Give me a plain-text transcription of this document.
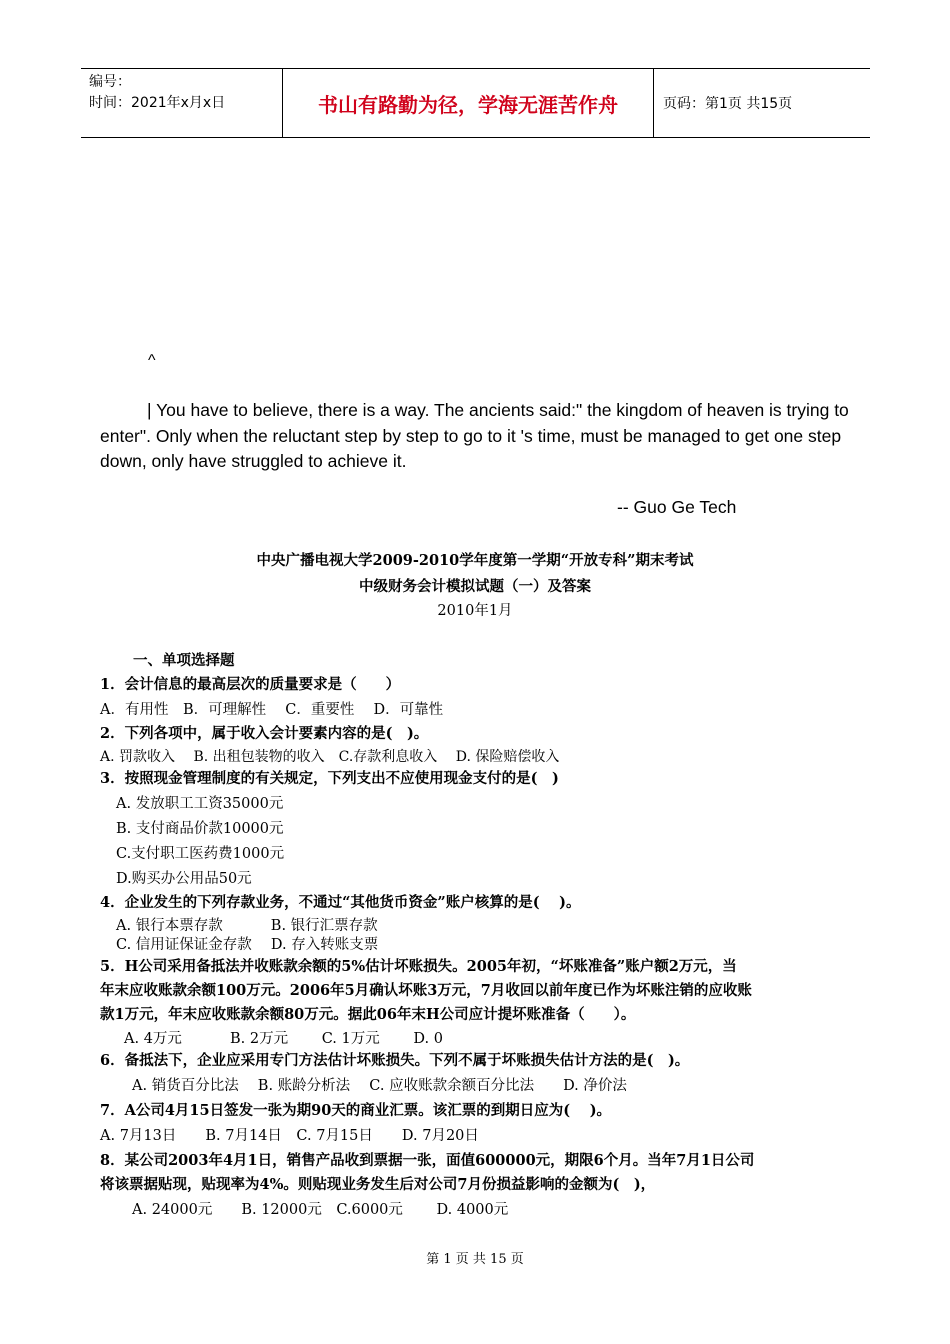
编号：
时间：2021年x月x日	书山有路勤为径，学海无涯苦作舟	页码：第1页 共15页
^
| You have to believe, there is a way. The ancients said:" the kingdom of heaven is trying to enter". Only when the reluctant step by step to go to it 's time, must be managed to get one step down, only have struggled to achieve it.
-- Guo Ge Tech
中央广播电视大学2009-2010学年度第一学期“开放专科”期末考试
中级财务会计模拟试题（一）及答案
2010年1月
一、单项选择题
1．会计信息的最高层次的质量要求是（　　）
A．有用性　B．可理解性　 C．重要性　 D．可靠性
2．下列各项中，属于收入会计要素内容的是(　)。
A. 罚款收入　 B. 出租包装物的收入　C.存款利息收入　 D. 保险赔偿收入
3．按照现金管理制度的有关规定，下列支出不应使用现金支付的是(　)
A. 发放职工工资35000元
B. 支付商品价款10000元
C.支付职工医药费1000元
D.购买办公用品50元
4．企业发生的下列存款业务，不通过“其他货币资金”账户核算的是(　 )。
A. 银行本票存款　　　 B. 银行汇票存款
C. 信用证保证金存款　 D. 存入转账支票
5．H公司采用备抵法并收账款余额的5%估计坏账损失。2005年初，“坏账准备”账户额2万元，当
年末应收账款余额100万元。2006年5月确认坏账3万元，7月收回以前年度已作为坏账注销的应收账
款1万元，年末应收账款余额80万元。据此06年末H公司应计提坏账准备（　　）。
A. 4万元　　　 B. 2万元　　 C. 1万元　　 D. 0
6．备抵法下，企业应采用专门方法估计坏账损失。下列不属于坏账损失估计方法的是(　)。
A. 销货百分比法　 B. 账龄分析法　 C. 应收账款余额百分比法　　D. 净价法
7．A公司4月15日签发一张为期90天的商业汇票。该汇票的到期日应为(　 )。
A. 7月13日　　B. 7月14日　C. 7月15日　　D. 7月20日
8．某公司2003年4月1日，销售产品收到票据一张，面值600000元，期限6个月。当年7月1日公司
将该票据贴现，贴现率为4%。则贴现业务发生后对公司7月份损益影响的金额为(　)，
A. 24000元　　B. 12000元　C.6000元　　 D. 4000元
第 1 页 共 15 页
